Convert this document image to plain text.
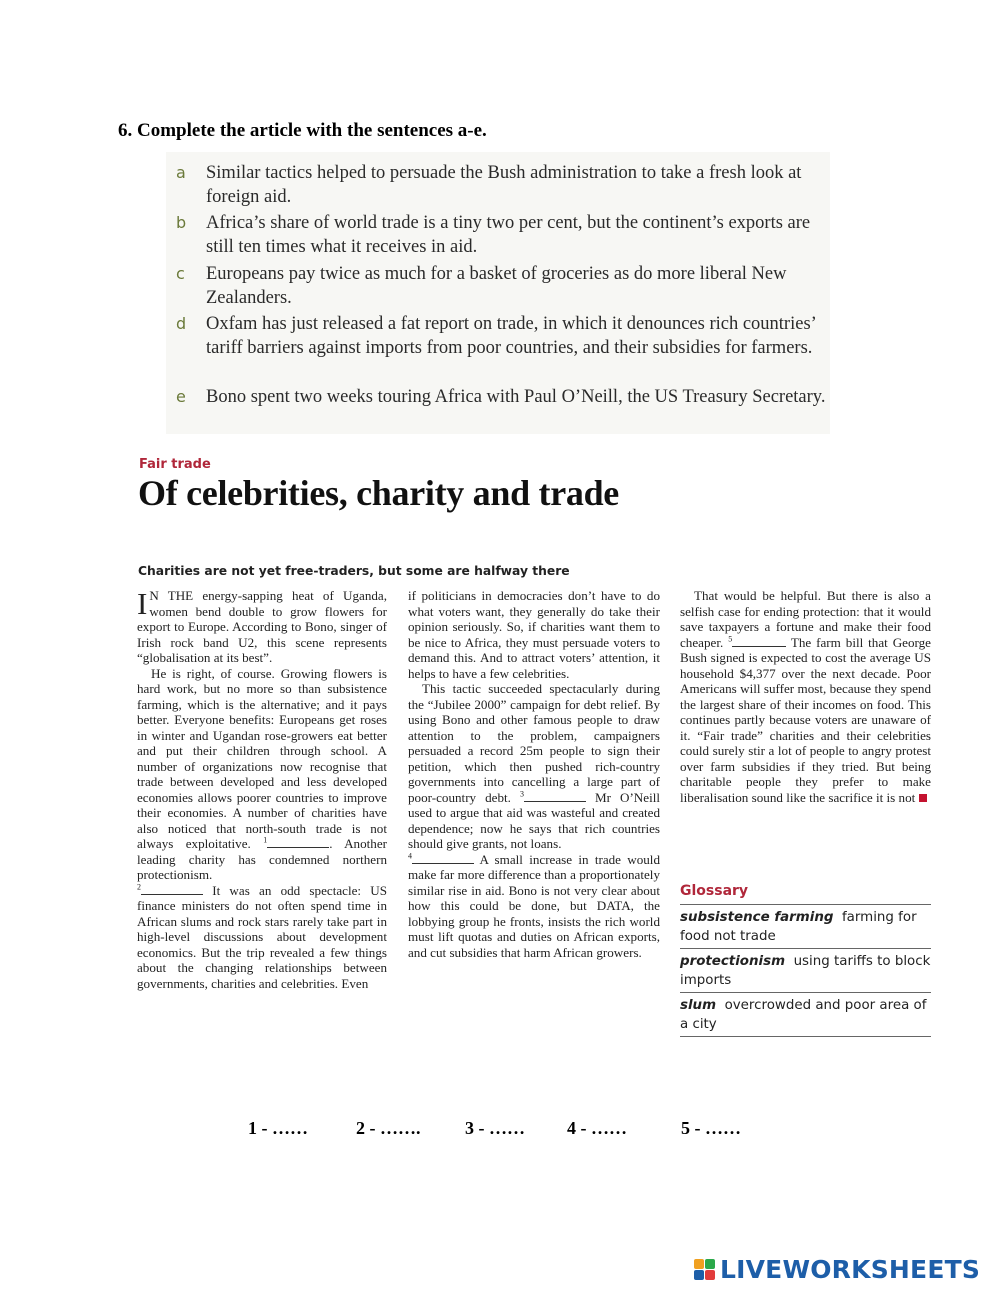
6. Complete the article with the sentences a-e.
a Similar tactics helped to persuade the Bush administration to take a fresh look at foreign aid.
b Africa’s share of world trade is a tiny two per cent, but the continent’s exports are still ten times what it receives in aid.
c Europeans pay twice as much for a basket of groceries as do more liberal New Zealanders.
d Oxfam has just released a fat report on trade, in which it denounces rich countries’ tariff barriers against imports from poor countries, and their subsidies for farmers.
e Bono spent two weeks touring Africa with Paul O’Neill, the US Treasury Secretary.
Fair trade
Of celebrities, charity and trade
Charities are not yet free-traders, but some are halfway there

I N THE energy-sapping heat of Uganda, women bend double to grow flowers for export to Europe. According to Bono, singer of Irish rock band U2, this scene represents “globalisation at its best”.

He is right, of course. Growing flowers is hard work, but no more so than subsistence farming, which is the alternative; and it pays better. Everyone benefits: Europeans get roses in winter and Ugandan rose-growers eat better and put their children through school. A number of organizations now recognise that trade between developed and less developed economies allows poorer countries to improve their economies. A number of charities have also noticed that north-south trade is not always exploitative. $^1$	. Another leading charity has condemned northern protectionism.

$^2$	It was an odd spectacle: US finance ministers do not often spend time in African slums and rock stars rarely take part in high-level discussions about development economics. But the trip revealed a few things about the changing relationships between governments, charities and celebrities. Even

if politicians in democracies don’t have to do what voters want, they generally do take their opinion seriously. So, if charities want them to be nice to Africa, they must persuade voters to demand this. And to attract voters’ attention, it helps to have a few celebrities.

This tactic succeeded spectacularly during the “Jubilee 2000” campaign for debt relief. By using Bono and other famous people to draw attention to the problem, campaigners persuaded a record 25m people to sign their petition, which then pushed rich-country governments into cancelling a large part of poor-country debt. $^3$	Mr O’Neill used to argue that aid was wasteful and created dependence; now he says that rich countries should give grants, not loans.

$^4$	A small increase in trade would make far more difference than a proportionately similar rise in aid. Bono is not very clear about how this could be done, but DATA, the lobbying group he fronts, insists the rich world must lift quotas and duties on African exports, and cut subsidies that harm African growers.

That would be helpful. But there is also a selfish case for ending protection: that it would save taxpayers a fortune and make their food cheaper. $^5$	The farm bill that George Bush signed is expected to cost the average US household $4,377 over the next decade. Poor Americans will suffer most, because they spend the largest share of their incomes on food. This continues partly because voters are unaware of it. “Fair trade” charities and their celebrities could surely stir a lot of people to angry protest over farm subsidies if they tried. But being charitable people they prefer to make liberalisation sound like the sacrifice it is not

Glossary
subsistence farming farming for food not trade
protectionism using tariffs to block imports
slum overcrowded and poor area of a city
1 - ……	2 - ……. 3 - …… 4 - ……	5 - ……
LIVEWORKSHEETS
